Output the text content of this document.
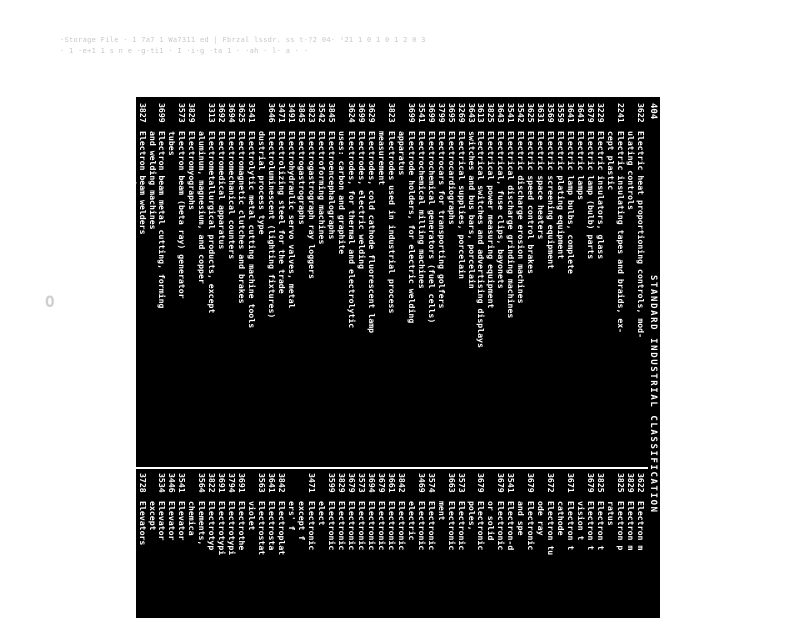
·Storage File · 1 7a7 1 Wa7311 ed | Fbrzal lssdr. ss t·?2 04· ¹21 1 0 1 0 1 2 0 3
· 1 ·e+1 1 s n e ·g·ti1 · I ·i·g ·ta 1 · ·ah · l· a · ·
O
404
STANDARD INDUSTRIAL CLASSIFICATION
3622
Electric heat proportioning controls, mod-
ulating controls
2241
Electric insulating tapes and braids, ex-
cept plastic
3229
Electric insulators, glass
3679
Electric lamp (bulb) parts
3641
Electric lamps
3641
Electric lamp bulbs, complete
3559
Electric plating equipment
3569
Electric screening equipment
3631
Electric space heaters
3625
Electric speed control brakes
3542
Electric discharge erosion machines
3541
Electrical discharge grinding machines
3643
Electrical, fuse clips, bayonets
3825
Electrical power measuring equipment
3613
Electrical switches and advertising displays
3643
switches and bus bars, porcelain
3269
Electrical supplies, porcelain
3695
Electrocardiographs
3799
Electrocars for transporting golfers
3699
Electrochemical generators (fuel cells)
3541
Electrochemical milling machines
3699
Electrode holders, for electric welding
apparatus
3823
Electrodes used in industrial process
measurement
3629
Electrodes, cold cathode fluorescent lamp
3699
Electrodes, electric welding
3624
Electrodes, for thermal and electrolytic
uses: carbon and graphite
3845
Electroencephalographs
3542
Electroforming machines
3823
Electrogastrograph ray loggers
3845
Electrogastrographs
3491
Electrohydraulic servo valves, metal
3471
Electrolizing steel for the trade
3646
Electroluminescent (lighting fixtures)
dustrial process type
3541
Electrolytic metal cutting machine tools
3625
Electromagnetic clutches and brakes
3694
Electromechanical counters
3692
Electromedical apparatus
3313
Electrometallurgical products, except
aluminum, magnesium, and copper
3829
Electromyographs
3573
Electron beam (beta ray) generator
tubes
3699
Electron beam metal cutting, forming
and welding machines
3827
Electron beam welders
3699
Electron linear accelerators
3622
Electron m
3829
Electron m
3825
Electron p
ratus
3825
Electron t
3679
Electron t
vision t
3671
Electron t
cathode
3672
Electron tu
ode ray
3679
Electronic
and spe
3541
Electron-d
3679
Electronic
or solid
3679
Electronic
poles,
3573
Electronic
3663
Electronic
ment
3574
Electronic
3469
Electronic
electric
3842
Electronic
3661
Electronic
3679
Electronic
3694
Electronic
3573
Electronic
3679
Electronic
3829
Electronic
3599
Electronic
elect
3471
Electronic
except f
ers' f
3842
Electroplat
3641
Electrosta
3563
Electrostat
violet
3691
Electrothe
3794
Electrotypi
3691
Electrotypi
3822
Electrotyp
3564
Elements,
chemica
3541
Elevator
3446
Elevator
3534
Elevator
except
3728
Elevators
3534
Elevators
3534
Elevators
